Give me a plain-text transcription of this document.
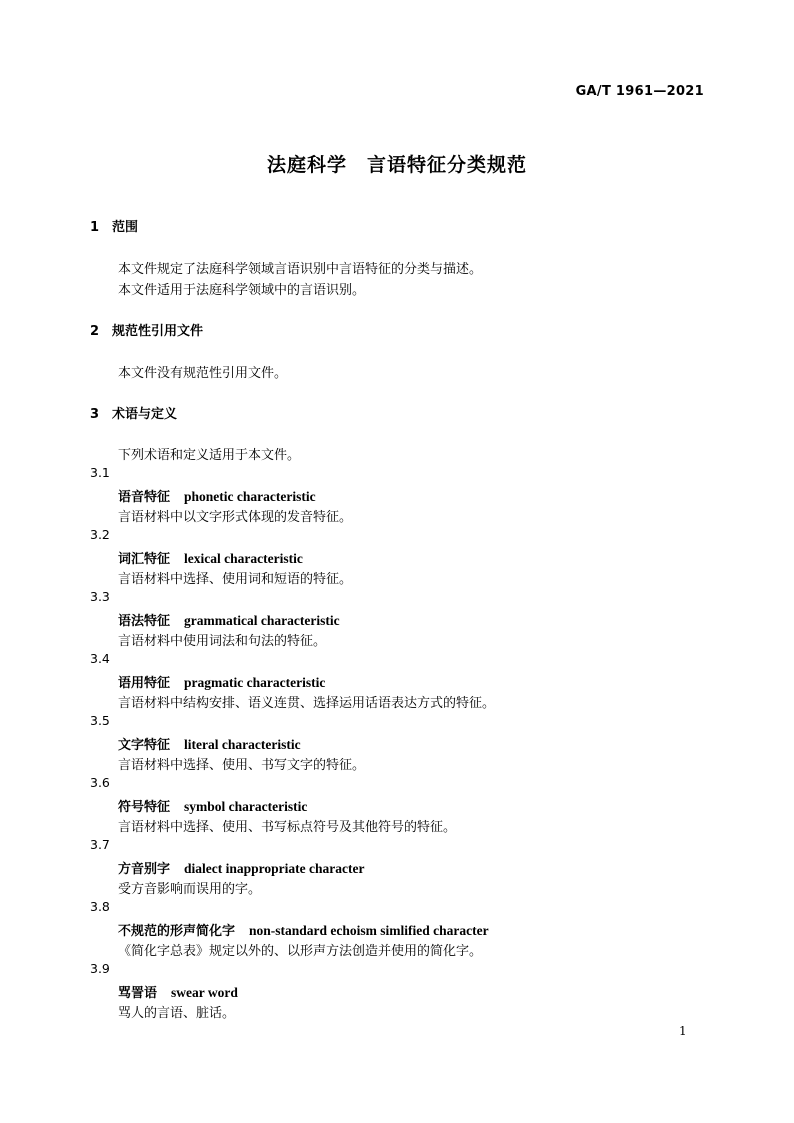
GA/T 1961—2021
法庭科学　言语特征分类规范
1 范围
本文件规定了法庭科学领域言语识别中言语特征的分类与描述。
本文件适用于法庭科学领域中的言语识别。
2 规范性引用文件
本文件没有规范性引用文件。
3 术语与定义
下列术语和定义适用于本文件。
3.1
语音特征 phonetic characteristic
言语材料中以文字形式体现的发音特征。
3.2
词汇特征 lexical characteristic
言语材料中选择、使用词和短语的特征。
3.3
语法特征 grammatical characteristic
言语材料中使用词法和句法的特征。
3.4
语用特征 pragmatic characteristic
言语材料中结构安排、语义连贯、选择运用话语表达方式的特征。
3.5
文字特征 literal characteristic
言语材料中选择、使用、书写文字的特征。
3.6
符号特征 symbol characteristic
言语材料中选择、使用、书写标点符号及其他符号的特征。
3.7
方音别字 dialect inappropriate character
受方音影响而误用的字。
3.8
不规范的形声简化字 non-standard echoism simlified character
《简化字总表》规定以外的、以形声方法创造并使用的简化字。
3.9
骂詈语 swear word
骂人的言语、脏话。
1
